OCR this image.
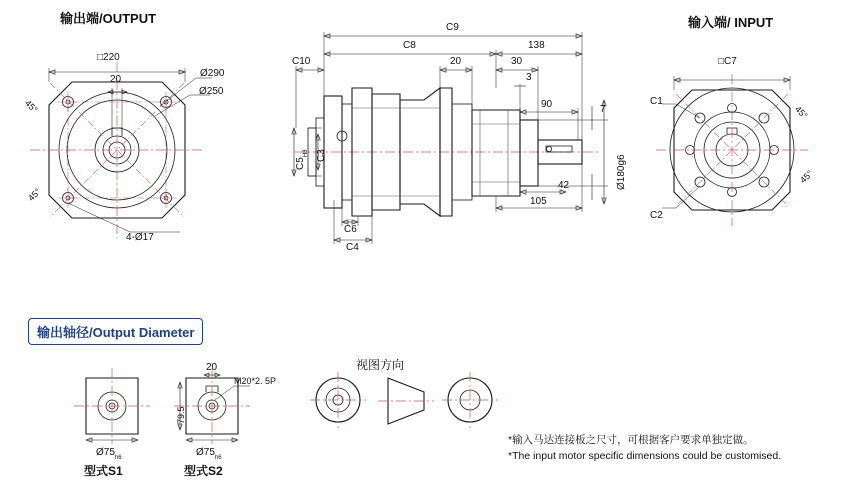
输出端/OUTPUT	输入端/ INPUT
输出轴径/Output Diameter
视图方向
□220
20
Ø290
Ø250
45°
45°
4-Ø17
C9
C8	138
C10	20	30
3
90	7
42
105
Ø180g6
$C5_{H8}$ C3
C6
C4
□C7
C1
C2
45°
45°
$Ø75_{h6}$
$Ø75_{h6}$
20
79.5
M20*2. 5P
型式S1	型式S2
*输入马达连接板之尺寸，可根据客户要求单独定做。
*The input motor specific dimensions could be customised.
